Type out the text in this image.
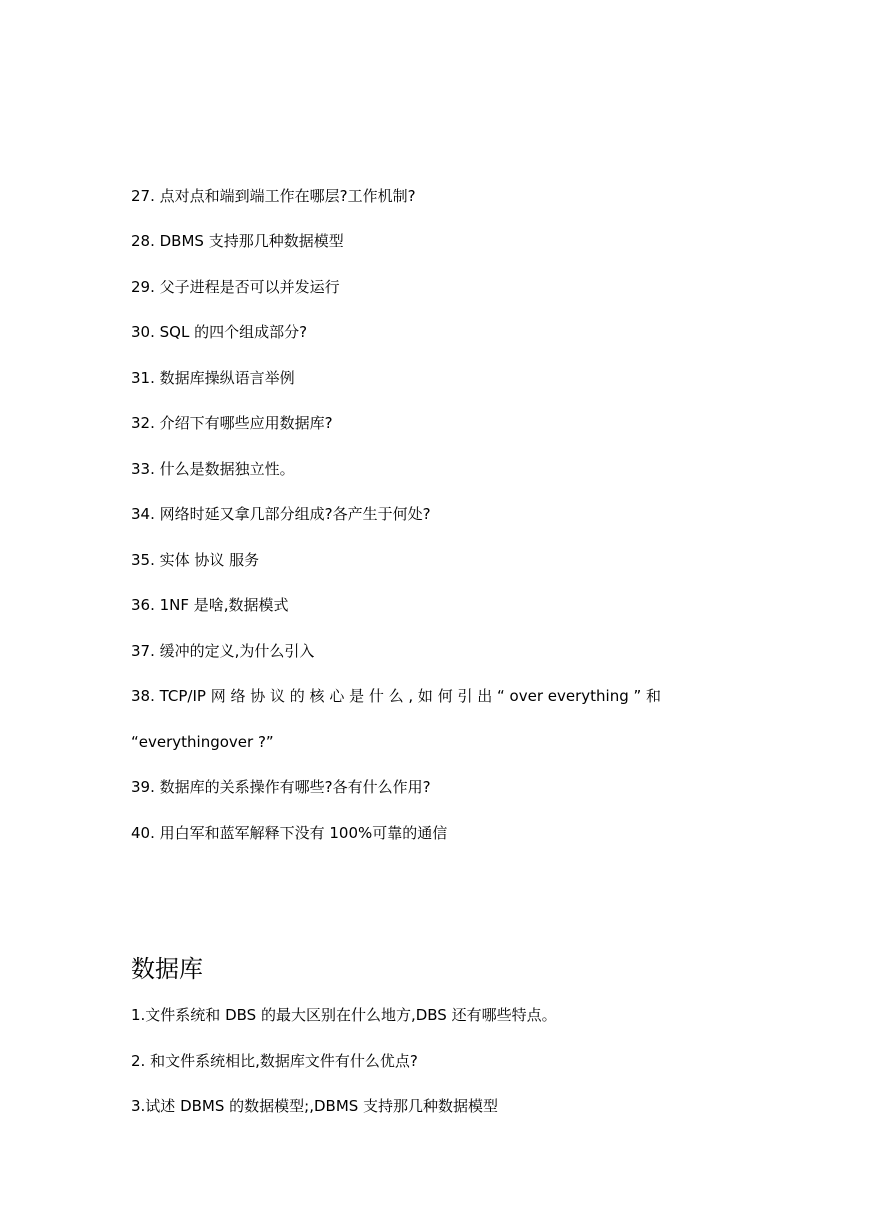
27. 点对点和端到端工作在哪层?工作机制?
28. DBMS 支持那几种数据模型
29. 父子进程是否可以并发运行
30. SQL 的四个组成部分?
31. 数据库操纵语言举例
32. 介绍下有哪些应用数据库?
33. 什么是数据独立性。
34. 网络时延又拿几部分组成?各产生于何处?
35. 实体 协议 服务
36. 1NF 是啥,数据模式
37. 缓冲的定义,为什么引入
38. TCP/IP 网 络 协 议 的 核 心 是 什 么 , 如 何 引 出 “ over everything ” 和
“everythingover ?”
39. 数据库的关系操作有哪些?各有什么作用?
40. 用白军和蓝军解释下没有 100%可靠的通信
数据库
1.文件系统和 DBS 的最大区别在什么地方,DBS 还有哪些特点。
2. 和文件系统相比,数据库文件有什么优点?
3.试述 DBMS 的数据模型;,DBMS 支持那几种数据模型
